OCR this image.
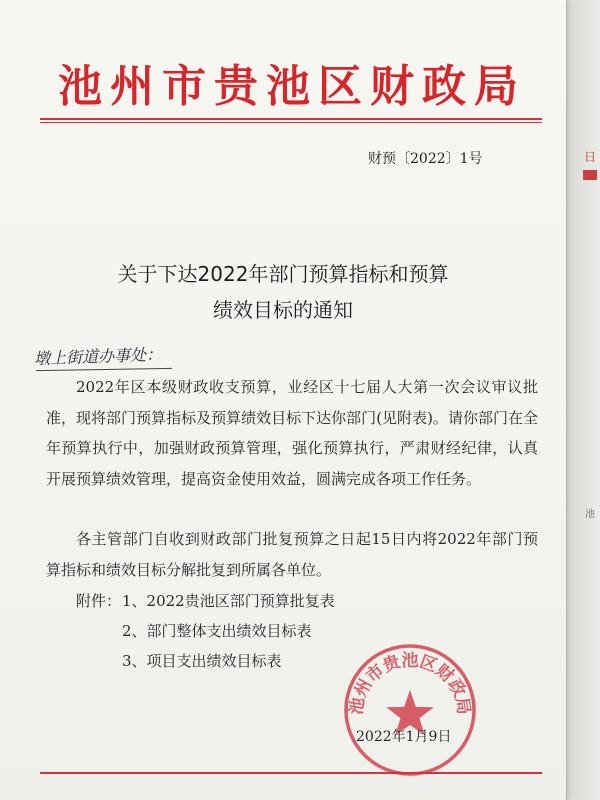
日
池
池州市贵池区财政局
财预〔2022〕1号
关于下达2022年部门预算指标和预算
绩效目标的通知
墩上街道办事处：
2022年区本级财政收支预算，业经区十七届人大第一次会议审议批准，现将部门预算指标及预算绩效目标下达你部门(见附表)。请你部门在全年预算执行中，加强财政预算管理，强化预算执行，严肃财经纪律，认真开展预算绩效管理，提高资金使用效益，圆满完成各项工作任务。
各主管部门自收到财政部门批复预算之日起15日内将2022年部门预算指标和绩效目标分解批复到所属各单位。
附件： 1、2022贵池区部门预算批复表
2、部门整体支出绩效目标表
3、项目支出绩效目标表
池州市贵池区财政局
2022年1月9日
